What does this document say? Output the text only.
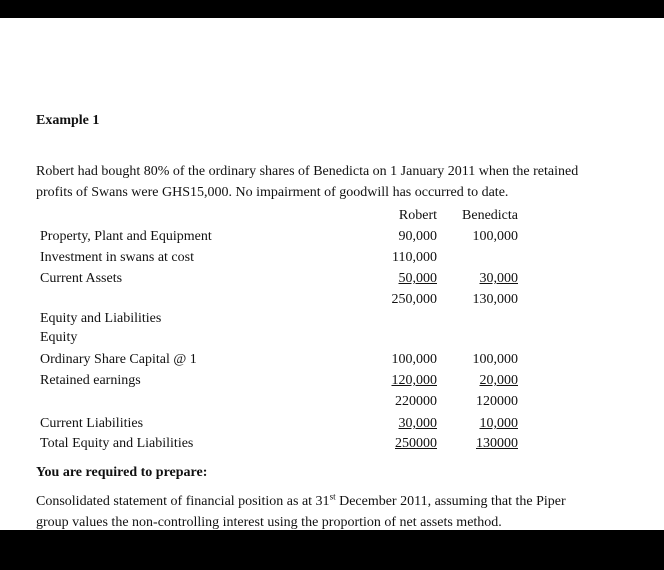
Example 1
Robert had bought 80% of the ordinary shares of Benedicta on 1 January 2011 when the retained
profits of Swans were GHS15,000. No impairment of goodwill has occurred to date.
Robert	Benedicta
Property, Plant and Equipment	90,000	100,000
Investment in swans at cost	110,000
Current Assets	50,000	30,000
250,000	130,000
Equity and Liabilities
Equity
Ordinary Share Capital @ 1	100,000	100,000
Retained earnings	120,000	20,000
220000	120000
Current Liabilities	30,000	10,000
Total Equity and Liabilities	250000	130000
You are required to prepare:
Consolidated statement of financial position as at 31st December 2011, assuming that the Piper
group values the non-controlling interest using the proportion of net assets method.
